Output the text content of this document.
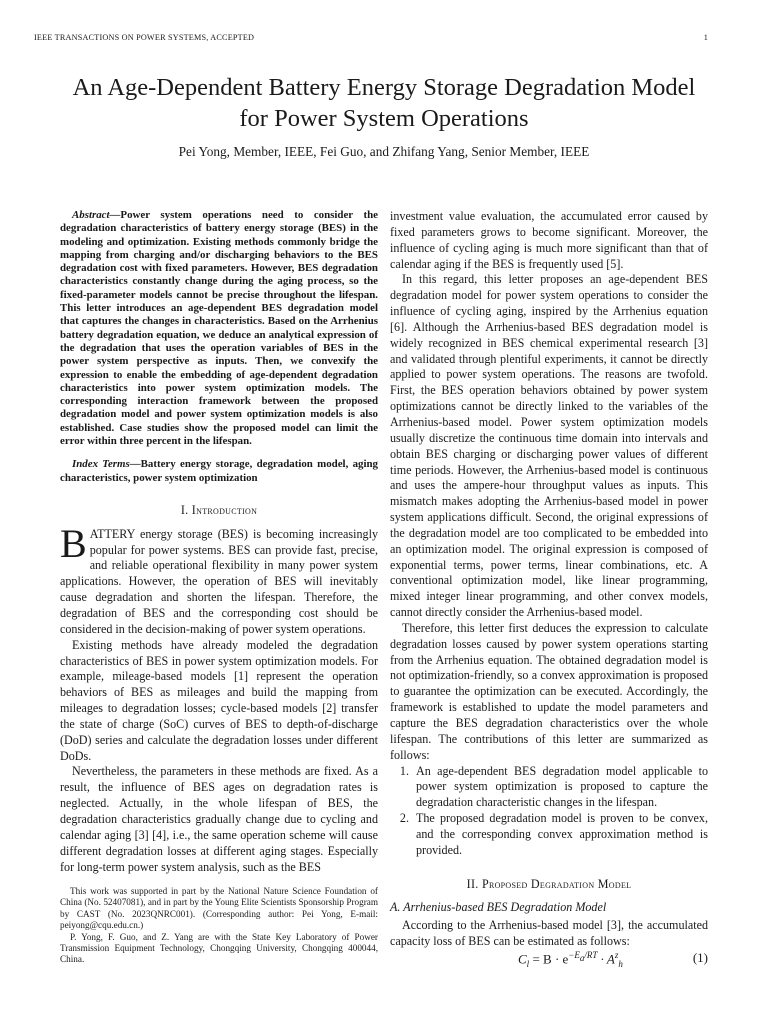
IEEE TRANSACTIONS ON POWER SYSTEMS, ACCEPTED	1
An Age-Dependent Battery Energy Storage Degradation Model for Power System Operations
Pei Yong, Member, IEEE, Fei Guo, and Zhifang Yang, Senior Member, IEEE

Abstract—Power system operations need to consider the degradation characteristics of battery energy storage (BES) in the modeling and optimization. Existing methods commonly bridge the mapping from charging and/or discharging behaviors to the BES degradation cost with fixed parameters. However, BES degradation characteristics constantly change during the aging process, so the fixed-parameter models cannot be precise throughout the lifespan. This letter introduces an age-dependent BES degradation model that captures the changes in characteristics. Based on the Arrhenius battery degradation equation, we deduce an analytical expression of the degradation that uses the operation variables of BES in the power system perspective as inputs. Then, we convexify the expression to enable the embedding of age-dependent degradation characteristics into power system optimization models. The corresponding interaction framework between the proposed degradation model and power system optimization models is also established. Case studies show the proposed model can limit the error within three percent in the lifespan.

Index Terms—Battery energy storage, degradation model, aging characteristics, power system optimization

I. Introduction

BATTERY energy storage (BES) is becoming increasingly popular for power systems. BES can provide fast, precise, and reliable operational flexibility in many power system applications. However, the operation of BES will inevitably cause degradation and shorten the lifespan. Therefore, the degradation of BES and the corresponding cost should be considered in the decision-making of power system operations.

Existing methods have already modeled the degradation characteristics of BES in power system optimization models. For example, mileage-based models [1] represent the operation behaviors of BES as mileages and build the mapping from mileages to degradation losses; cycle-based models [2] transfer the state of charge (SoC) curves of BES to depth-of-discharge (DoD) series and calculate the degradation losses under different DoDs.

Nevertheless, the parameters in these methods are fixed. As a result, the influence of BES ages on degradation rates is neglected. Actually, in the whole lifespan of BES, the degradation characteristics gradually change due to cycling and calendar aging [3] [4], i.e., the same operation scheme will cause different degradation losses at different aging stages. Especially for long-term power system analysis, such as the BES

investment value evaluation, the accumulated error caused by fixed parameters grows to become significant. Moreover, the influence of cycling aging is much more significant than that of calendar aging if the BES is frequently used [5].

In this regard, this letter proposes an age-dependent BES degradation model for power system operations to consider the influence of cycling aging, inspired by the Arrhenius equation [6]. Although the Arrhenius-based BES degradation model is widely recognized in BES chemical experimental research [3] and validated through plentiful experiments, it cannot be directly applied to power system operations. The reasons are twofold. First, the BES operation behaviors obtained by power system optimizations cannot be directly linked to the variables of the Arrhenius-based model. Power system optimization models usually discretize the continuous time domain into intervals and obtain BES charging or discharging power values of different time periods. However, the Arrhenius-based model is continuous and uses the ampere-hour throughput values as inputs. This mismatch makes adopting the Arrhenius-based model in power system applications difficult. Second, the original expressions of the degradation model are too complicated to be embedded into an optimization model. The original expression is composed of exponential terms, power terms, linear combinations, etc. A conventional optimization model, like linear programming, mixed integer linear programming, and other convex models, cannot directly consider the Arrhenius-based model.

Therefore, this letter first deduces the expression to calculate degradation losses caused by power system operations starting from the Arrhenius equation. The obtained degradation model is not optimization-friendly, so a convex approximation is proposed to guarantee the optimization can be executed. Accordingly, the framework is established to update the model parameters and capture the BES degradation characteristics over the whole lifespan. The contributions of this letter are summarized as follows:

1. An age-dependent BES degradation model applicable to power system optimization is proposed to capture the degradation characteristic changes in the lifespan.
2. The proposed degradation model is proven to be convex, and the corresponding convex approximation method is provided.
II. Proposed Degradation Model
A. Arrhenius-based BES Degradation Model

According to the Arrhenius-based model [3], the accumulated capacity loss of BES can be estimated as follows:

$C_l = B \cdot e^{-E_a/RT} \cdot A^z_h$	(1)

This work was supported in part by the National Nature Science Foundation of China (No. 52407081), and in part by the Young Elite Scientists Sponsorship Program by CAST (No. 2023QNRC001). (Corresponding author: Pei Yong, E-mail: peiyong@cqu.edu.cn.)

P. Yong, F. Guo, and Z. Yang are with the State Key Laboratory of Power Transmission Equipment Technology, Chongqing University, Chongqing 400044, China.
